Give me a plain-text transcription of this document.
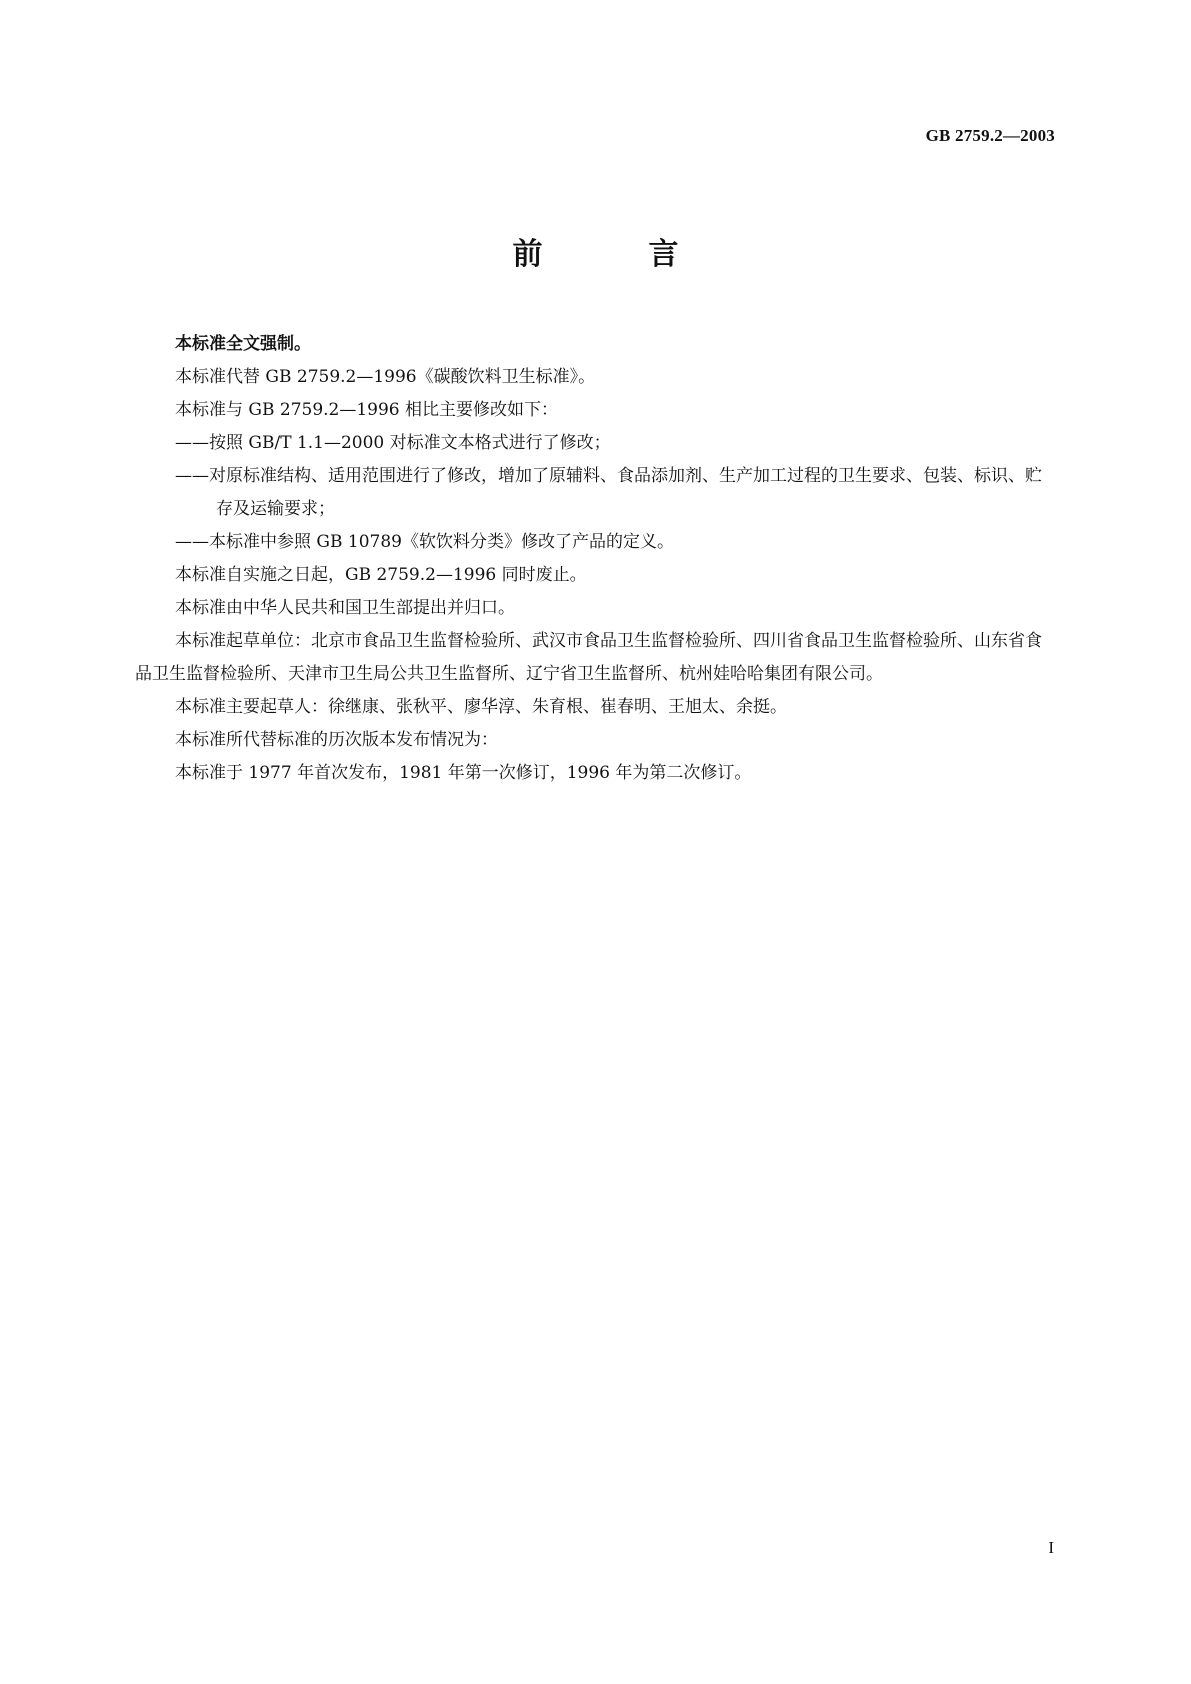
GB 2759.2—2003
前　言

本标准全文强制。

本标准代替 GB 2759.2—1996《碳酸饮料卫生标准》。

本标准与 GB 2759.2—1996 相比主要修改如下：

——按照 GB/T 1.1—2000 对标准文本格式进行了修改；

——对原标准结构、适用范围进行了修改，增加了原辅料、食品添加剂、生产加工过程的卫生要求、包装、标识、贮存及运输要求；

——本标准中参照 GB 10789《软饮料分类》修改了产品的定义。

本标准自实施之日起，GB 2759.2—1996 同时废止。

本标准由中华人民共和国卫生部提出并归口。

本标准起草单位：北京市食品卫生监督检验所、武汉市食品卫生监督检验所、四川省食品卫生监督检验所、山东省食品卫生监督检验所、天津市卫生局公共卫生监督所、辽宁省卫生监督所、杭州娃哈哈集团有限公司。

本标准主要起草人：徐继康、张秋平、廖华淳、朱育根、崔春明、王旭太、余挺。

本标准所代替标准的历次版本发布情况为：

本标准于 1977 年首次发布，1981 年第一次修订，1996 年为第二次修订。

I
